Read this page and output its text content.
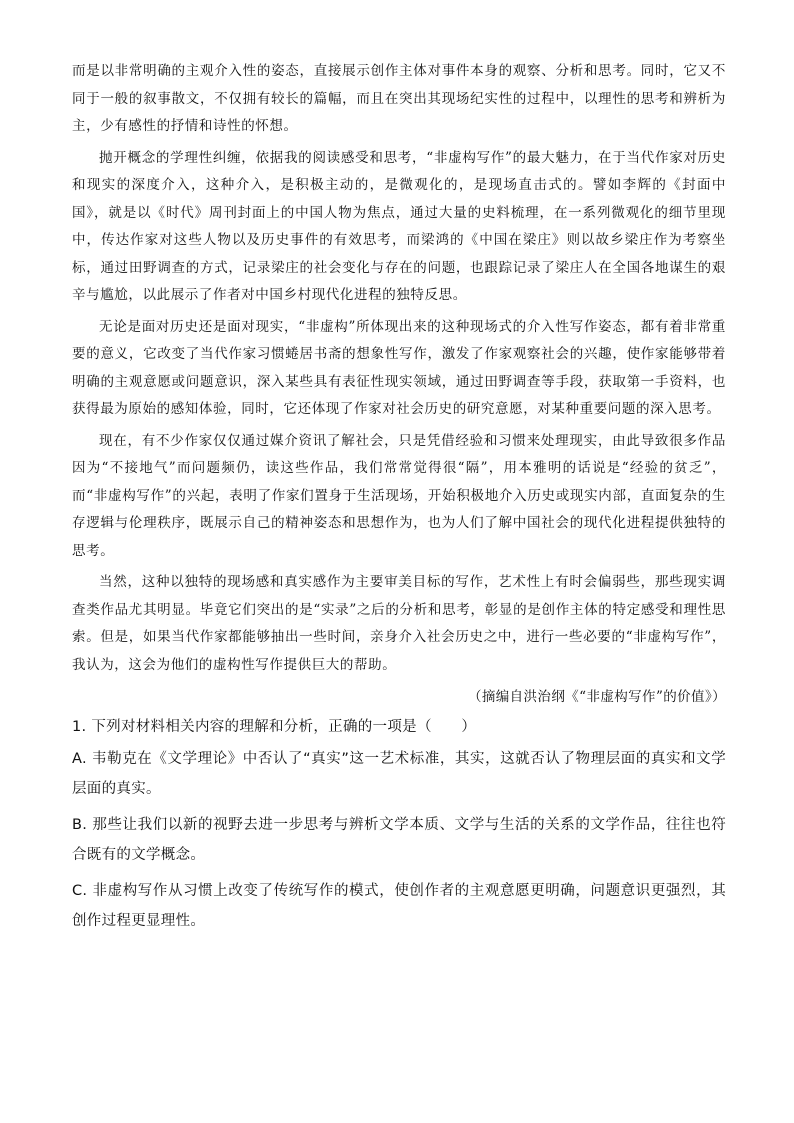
而是以非常明确的主观介入性的姿态，直接展示创作主体对事件本身的观察、分析和思考。同时，它又不同于一般的叙事散文，不仅拥有较长的篇幅，而且在突出其现场纪实性的过程中，以理性的思考和辨析为主，少有感性的抒情和诗性的怀想。

抛开概念的学理性纠缠，依据我的阅读感受和思考，“非虚构写作”的最大魅力，在于当代作家对历史和现实的深度介入，这种介入，是积极主动的，是微观化的，是现场直击式的。譬如李辉的《封面中国》，就是以《时代》周刊封面上的中国人物为焦点，通过大量的史料梳理，在一系列微观化的细节里现中，传达作家对这些人物以及历史事件的有效思考，而梁鸿的《中国在梁庄》则以故乡梁庄作为考察坐标，通过田野调查的方式，记录梁庄的社会变化与存在的问题，也跟踪记录了梁庄人在全国各地谋生的艰辛与尴尬，以此展示了作者对中国乡村现代化进程的独特反思。

无论是面对历史还是面对现实，“非虚构”所体现出来的这种现场式的介入性写作姿态，都有着非常重要的意义，它改变了当代作家习惯蜷居书斋的想象性写作，激发了作家观察社会的兴趣，使作家能够带着明确的主观意愿或问题意识，深入某些具有表征性现实领域，通过田野调查等手段，获取第一手资料，也获得最为原始的感知体验，同时，它还体现了作家对社会历史的研究意愿，对某种重要问题的深入思考。

现在，有不少作家仅仅通过媒介资讯了解社会，只是凭借经验和习惯来处理现实，由此导致很多作品因为“不接地气”而问题频仍，读这些作品，我们常常觉得很“隔”，用本雅明的话说是“经验的贫乏”，而“非虚构写作”的兴起，表明了作家们置身于生活现场，开始积极地介入历史或现实内部，直面复杂的生存逻辑与伦理秩序，既展示自己的精神姿态和思想作为，也为人们了解中国社会的现代化进程提供独特的思考。

当然，这种以独特的现场感和真实感作为主要审美目标的写作，艺术性上有时会偏弱些，那些现实调查类作品尤其明显。毕竟它们突出的是“实录”之后的分析和思考，彰显的是创作主体的特定感受和理性思索。但是，如果当代作家都能够抽出一些时间，亲身介入社会历史之中，进行一些必要的“非虚构写作”，我认为，这会为他们的虚构性写作提供巨大的帮助。

（摘编自洪治纲《“非虚构写作”的价值》）

1. 下列对材料相关内容的理解和分析，正确的一项是（　　）

A. 韦勒克在《文学理论》中否认了“真实”这一艺术标准，其实，这就否认了物理层面的真实和文学层面的真实。

B. 那些让我们以新的视野去进一步思考与辨析文学本质、文学与生活的关系的文学作品，往往也符合既有的文学概念。

C. 非虚构写作从习惯上改变了传统写作的模式，使创作者的主观意愿更明确，问题意识更强烈，其创作过程更显理性。
